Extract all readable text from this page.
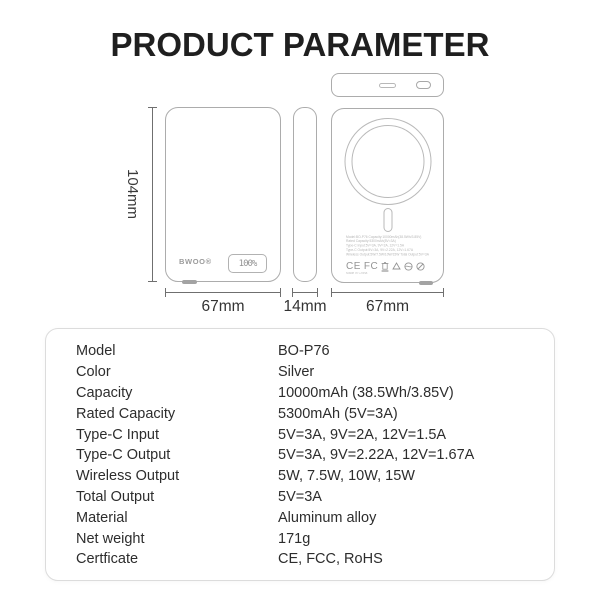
PRODUCT PARAMETER
BWOO®	100%
Model:BO-P76 Capacity:10000mAh(38.5Wh/3.85V)
Rated Capacity:5300mAh(5V=3A)
Type-C Input:5V=3A, 9V=2A, 12V=1.5A
Type-C Output:5V=3A, 9V=2.22A, 12V=1.67A
Wireless Output:5W/7.5W/10W/15W Total Output:5V=3A
CE FC
Made in China
104mm
67mm	14mm	67mm
Model	BO-P76
Color	Silver
Capacity	10000mAh (38.5Wh/3.85V)
Rated Capacity	5300mAh (5V=3A)
Type-C Input	5V=3A, 9V=2A, 12V=1.5A
Type-C Output	5V=3A, 9V=2.22A, 12V=1.67A
Wireless Output	5W, 7.5W, 10W, 15W
Total Output	5V=3A
Material	Aluminum alloy
Net weight	171g
Certficate	CE, FCC, RoHS
